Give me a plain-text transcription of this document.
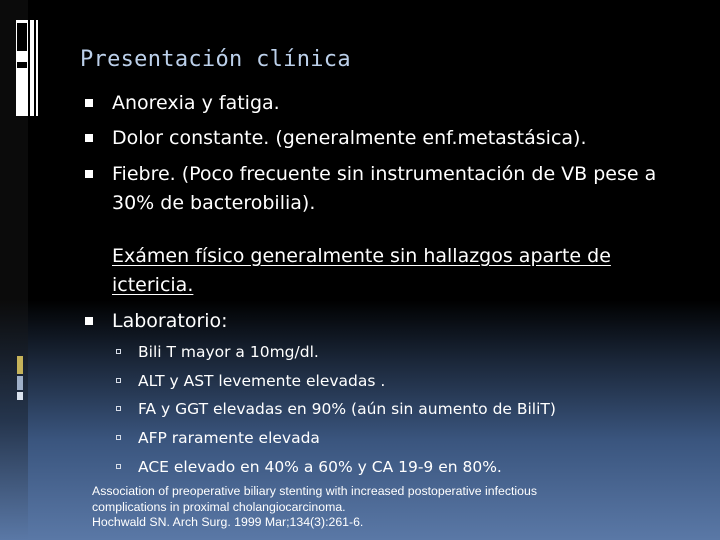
Presentación clínica
Anorexia y fatiga.
Dolor constante. (generalmente enf.metastásica).
Fiebre. (Poco frecuente sin instrumentación de VB pese a
30% de bacterobilia).
Exámen físico generalmente sin hallazgos aparte de
ictericia.
Laboratorio:
Bili T mayor a 10mg/dl.
ALT y AST levemente elevadas .
FA y GGT elevadas en 90% (aún sin aumento de BiliT)
AFP raramente elevada
ACE elevado en 40% a 60% y CA 19-9 en 80%.
Association of preoperative biliary stenting with increased postoperative infectious
complications in proximal cholangiocarcinoma.
Hochwald SN. Arch Surg. 1999 Mar;134(3):261-6.
